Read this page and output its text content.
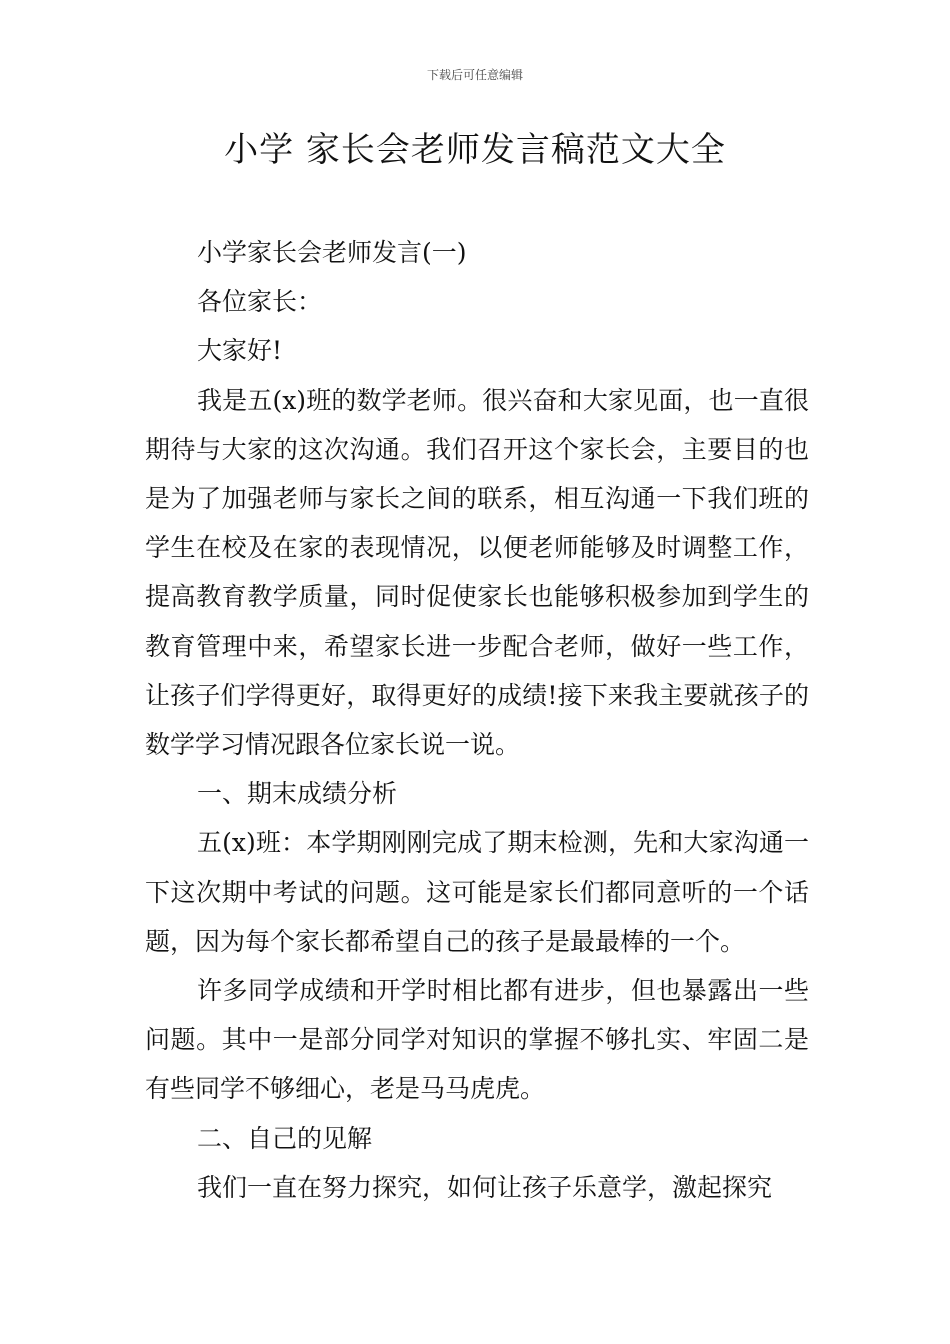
下载后可任意编辑
小学 家长会老师发言稿范文大全

小学家长会老师发言(一)

各位家长：

大家好!

我是五(x)班的数学老师。很兴奋和大家见面，也一直很期待与大家的这次沟通。我们召开这个家长会，主要目的也是为了加强老师与家长之间的联系，相互沟通一下我们班的学生在校及在家的表现情况，以便老师能够及时调整工作，提高教育教学质量，同时促使家长也能够积极参加到学生的教育管理中来，希望家长进一步配合老师，做好一些工作，让孩子们学得更好，取得更好的成绩!接下来我主要就孩子的数学学习情况跟各位家长说一说。

一、期末成绩分析

五(x)班：本学期刚刚完成了期末检测，先和大家沟通一下这次期中考试的问题。这可能是家长们都同意听的一个话题，因为每个家长都希望自己的孩子是最最棒的一个。

许多同学成绩和开学时相比都有进步，但也暴露出一些问题。其中一是部分同学对知识的掌握不够扎实、牢固二是有些同学不够细心，老是马马虎虎。

二、自己的见解

我们一直在努力探究，如何让孩子乐意学，激起探究
